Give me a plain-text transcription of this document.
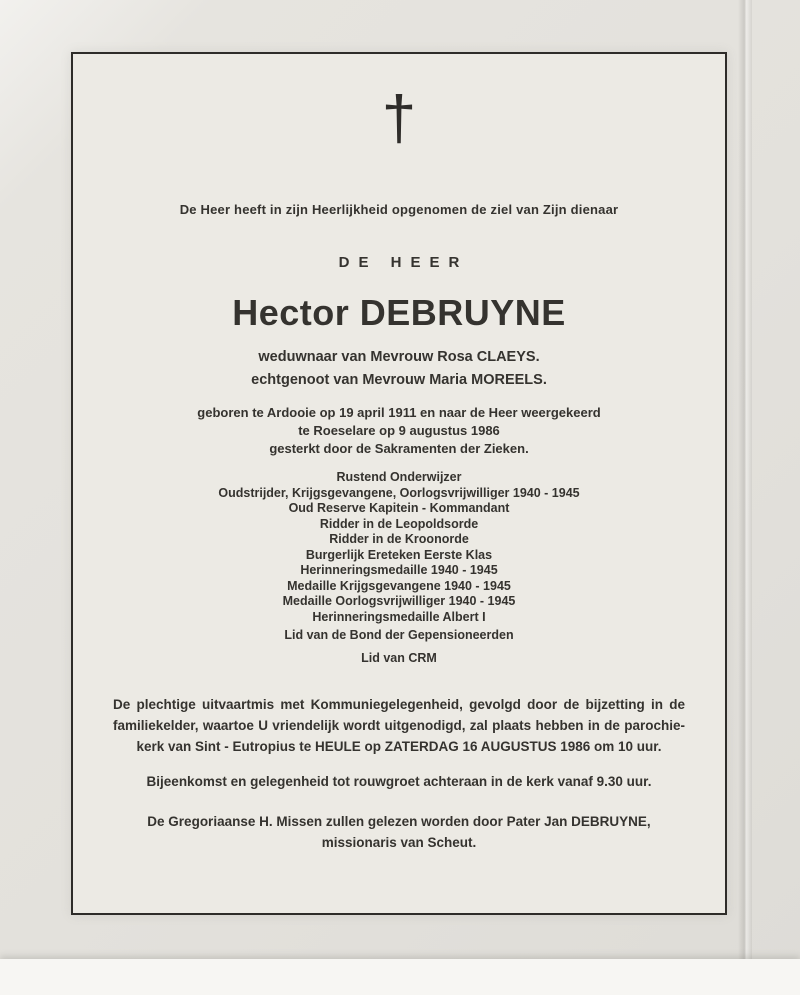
†
De Heer heeft in zijn Heerlijkheid opgenomen de ziel van Zijn dienaar
DE HEER
Hector DEBRUYNE
weduwnaar van Mevrouw Rosa CLAEYS.
echtgenoot van Mevrouw Maria MOREELS.
geboren te Ardooie op 19 april 1911 en naar de Heer weergekeerd
te Roeselare op 9 augustus 1986
gesterkt door de Sakramenten der Zieken.
Rustend Onderwijzer
Oudstrijder, Krijgsgevangene, Oorlogsvrijwilliger 1940 - 1945
Oud Reserve Kapitein - Kommandant
Ridder in de Leopoldsorde
Ridder in de Kroonorde
Burgerlijk Ereteken Eerste Klas
Herinneringsmedaille 1940 - 1945
Medaille Krijgsgevangene 1940 - 1945
Medaille Oorlogsvrijwilliger 1940 - 1945
Herinneringsmedaille Albert I
Lid van de Bond der Gepensioneerden
Lid van CRM
De plechtige uitvaartmis met Kommuniegelegenheid, gevolgd door de bijzetting in de
familiekelder, waartoe U vriendelijk wordt uitgenodigd, zal plaats hebben in de parochie-
kerk van Sint - Eutropius te HEULE op ZATERDAG 16 AUGUSTUS 1986 om 10 uur.
Bijeenkomst en gelegenheid tot rouwgroet achteraan in de kerk vanaf 9.30 uur.
De Gregoriaanse H. Missen zullen gelezen worden door Pater Jan DEBRUYNE,
missionaris van Scheut.
